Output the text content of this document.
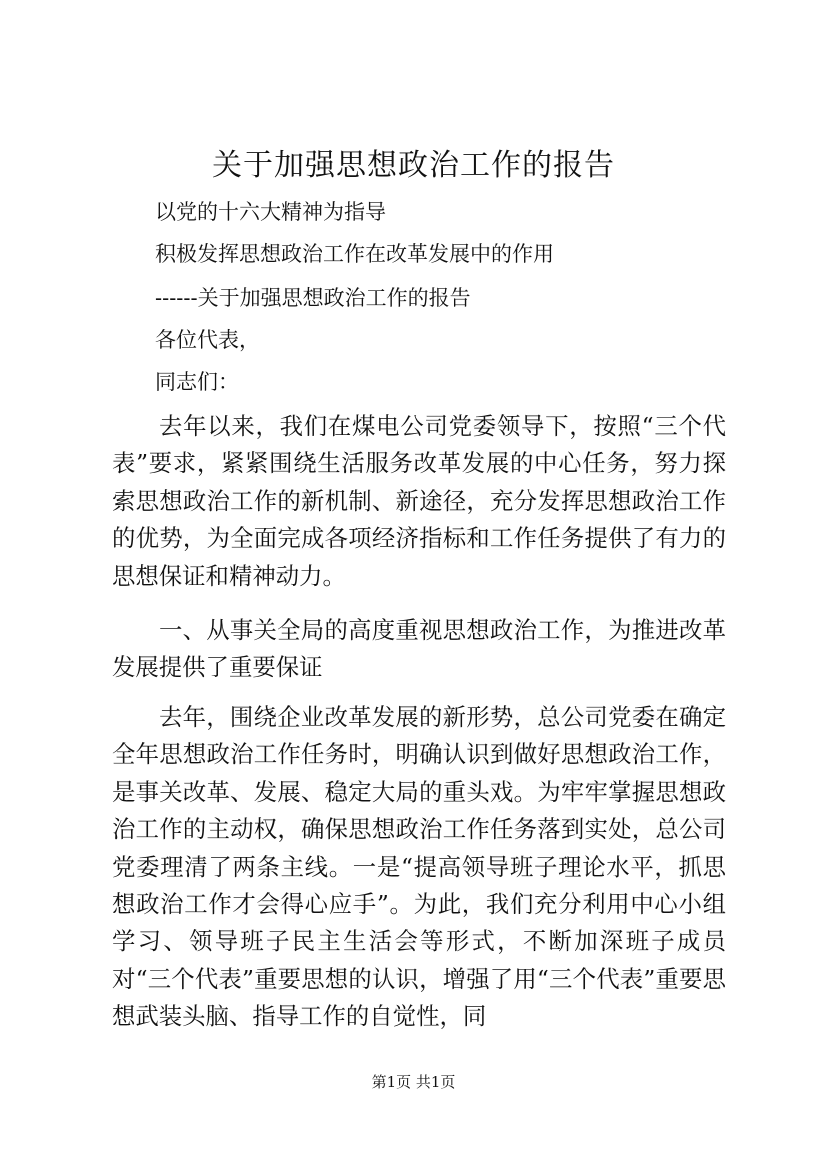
关于加强思想政治工作的报告
以党的十六大精神为指导
积极发挥思想政治工作在改革发展中的作用
------关于加强思想政治工作的报告
各位代表，
同志们：

去年以来，我们在煤电公司党委领导下，按照“三个代表”要求，紧紧围绕生活服务改革发展的中心任务，努力探索思想政治工作的新机制、新途径，充分发挥思想政治工作的优势，为全面完成各项经济指标和工作任务提供了有力的思想保证和精神动力。

一、从事关全局的高度重视思想政治工作，为推进改革发展提供了重要保证

去年，围绕企业改革发展的新形势，总公司党委在确定全年思想政治工作任务时，明确认识到做好思想政治工作，是事关改革、发展、稳定大局的重头戏。为牢牢掌握思想政治工作的主动权，确保思想政治工作任务落到实处，总公司党委理清了两条主线。一是“提高领导班子理论水平，抓思想政治工作才会得心应手”。为此，我们充分利用中心小组学习、领导班子民主生活会等形式，不断加深班子成员对“三个代表”重要思想的认识，增强了用“三个代表”重要思想武装头脑、指导工作的自觉性，同

第1页 共1页
